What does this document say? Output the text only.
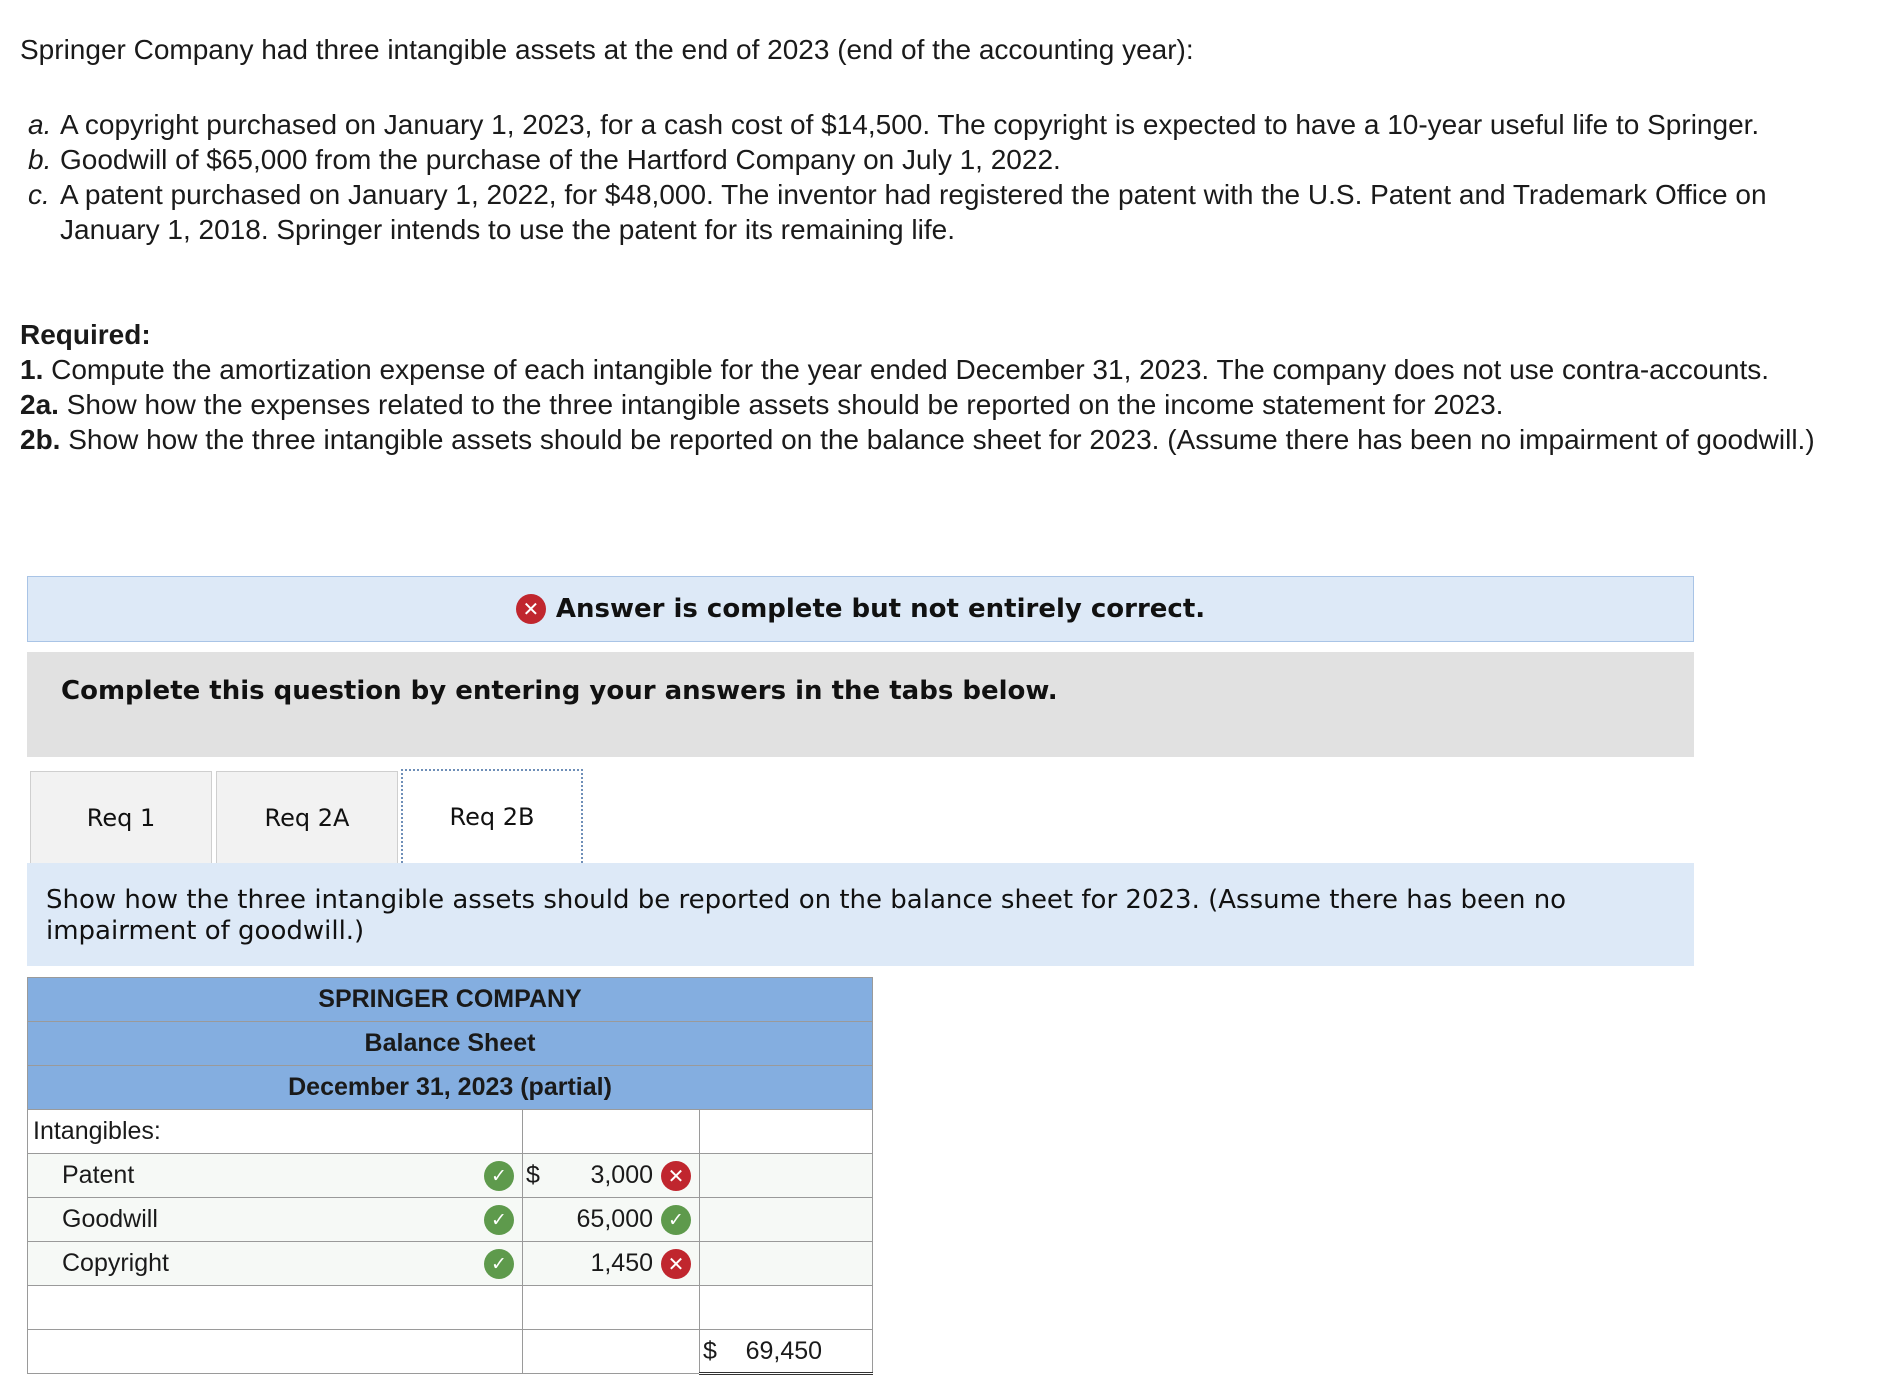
Springer Company had three intangible assets at the end of 2023 (end of the accounting year):

a. A copyright purchased on January 1, 2023, for a cash cost of $14,500. The copyright is expected to have a 10-year useful life to Springer.
b. Goodwill of $65,000 from the purchase of the Hartford Company on July 1, 2022.
c. A patent purchased on January 1, 2022, for $48,000. The inventor had registered the patent with the U.S. Patent and Trademark Office on January 1, 2018. Springer intends to use the patent for its remaining life.

Required:

1. Compute the amortization expense of each intangible for the year ended December 31, 2023. The company does not use contra-accounts.

2a. Show how the expenses related to the three intangible assets should be reported on the income statement for 2023.

2b. Show how the three intangible assets should be reported on the balance sheet for 2023. (Assume there has been no impairment of goodwill.)

✕ Answer is complete but not entirely correct.
Complete this question by entering your answers in the tabs below.
Req 1	Req 2A	Req 2B
Show how the three intangible assets should be reported on the balance sheet for 2023. (Assume there has been no impairment of goodwill.)
SPRINGER COMPANY		
Balance Sheet		
December 31, 2023 (partial)		
Intangibles:		

Patent ✓	$ 3,000 ✕	

Goodwill ✓	65,000 ✓	

Copyright ✓	1,450 ✕	

		$ 69,450
